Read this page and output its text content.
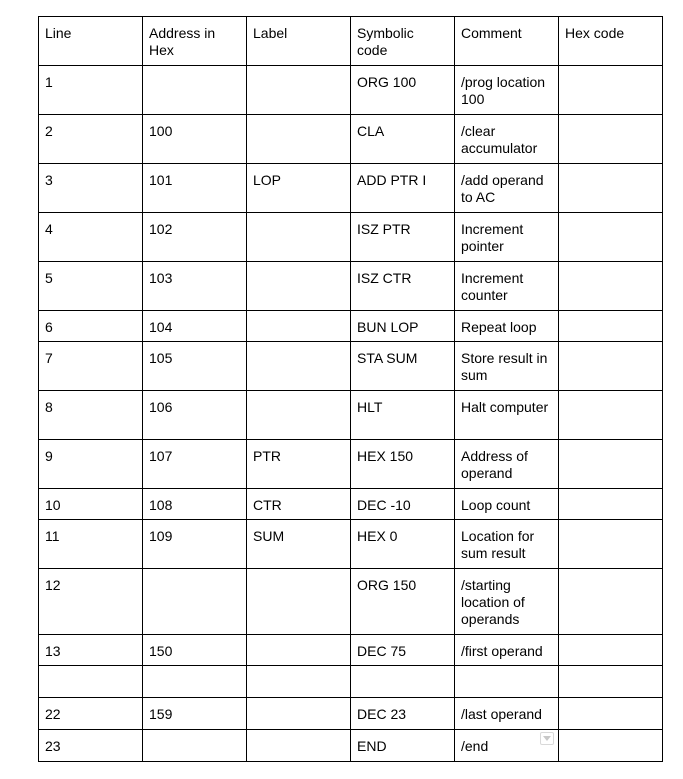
Line	Address in Hex	Label	Symbolic code	Comment	Hex code
1			ORG 100	/prog location 100	
2	100		CLA	/clear accumulator	
3	101	LOP	ADD PTR I	/add operand to AC	
4	102		ISZ PTR	Increment pointer	
5	103		ISZ CTR	Increment counter	
6	104		BUN LOP	Repeat loop	
7	105		STA SUM	Store result in sum	
8	106		HLT	Halt computer	
9	107	PTR	HEX 150	Address of operand	
10	108	CTR	DEC -10	Loop count	
11	109	SUM	HEX 0	Location for sum result	
12			ORG 150	/starting location of operands	
13	150		DEC 75	/first operand	

22	159		DEC 23	/last operand	
23			END	/end	
